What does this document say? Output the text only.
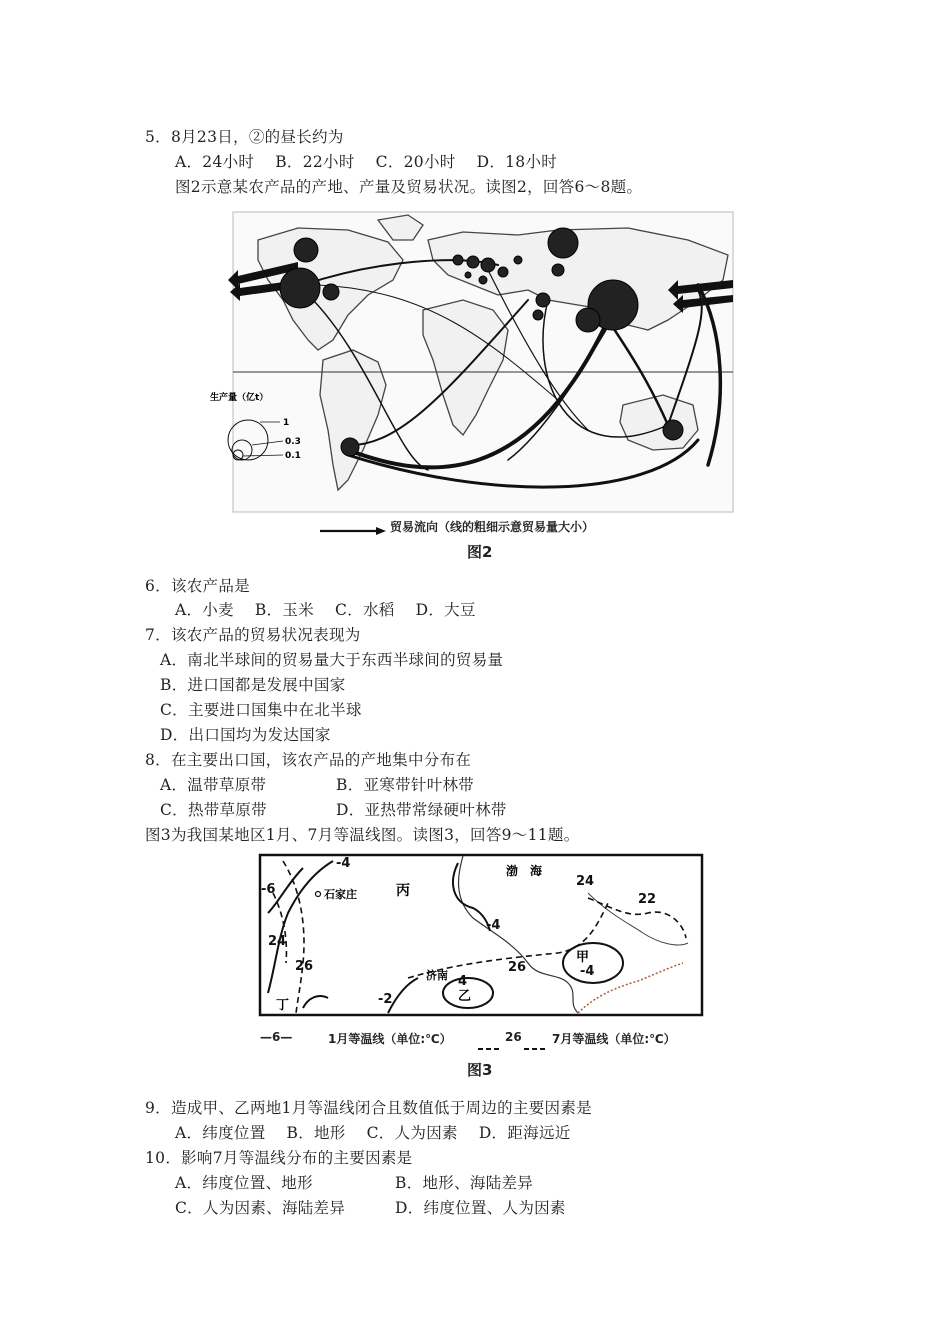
5．8月23日，②的昼长约为
A．24小时　 B．22小时　 C．20小时　 D．18小时
图2示意某农产品的产地、产量及贸易状况。读图2，回答6～8题。
生产量（亿t）
1
0.3
0.1
贸易流向（线的粗细示意贸易量大小）
图2
6．该农产品是
A．小麦　 B．玉米　 C．水稻　 D．大豆
7．该农产品的贸易状况表现为
A．南北半球间的贸易量大于东西半球间的贸易量
B．进口国都是发展中国家
C．主要进口国集中在北半球
D．出口国均为发达国家
8．在主要出口国，该农产品的产地集中分布在
A．温带草原带	B．亚寒带针叶林带
C．热带草原带	D．亚热带常绿硬叶林带
图3为我国某地区1月、7月等温线图。读图3，回答9～11题。
-4
-6
24
26
-2
-4
26
24
22
-4
4
石家庄	丙
渤　海
济南
甲
乙
丁
—6—	1月等温线（单位:℃）	26	7月等温线（单位:℃）
图3
9．造成甲、乙两地1月等温线闭合且数值低于周边的主要因素是
A．纬度位置　 B．地形　 C．人为因素　 D．距海远近
10．影响7月等温线分布的主要因素是
A．纬度位置、地形	B．地形、海陆差异
C．人为因素、海陆差异	D．纬度位置、人为因素
